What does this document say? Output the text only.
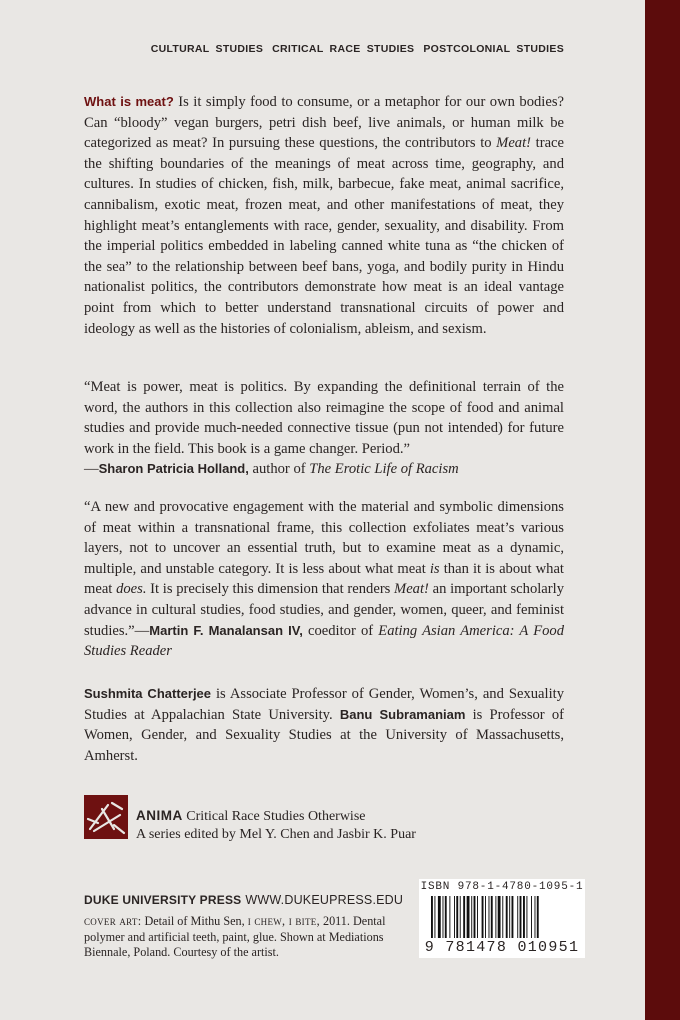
CULTURAL STUDIES CRITICAL RACE STUDIES POSTCOLONIAL STUDIES

What is meat? Is it simply food to consume, or a metaphor for our own bodies? Can “bloody” vegan burgers, petri dish beef, live animals, or human milk be categorized as meat? In pursuing these questions, the contributors to Meat! trace the shifting boundaries of the meanings of meat across time, geography, and cultures. In studies of chicken, fish, milk, barbecue, fake meat, animal sacrifice, cannibalism, exotic meat, frozen meat, and other manifestations of meat, they highlight meat’s entanglements with race, gender, sexuality, and disability. From the imperial politics embedded in labeling canned white tuna as “the chicken of the sea” to the relationship between beef bans, yoga, and bodily purity in Hindu nationalist politics, the contributors demonstrate how meat is an ideal vantage point from which to better understand transnational circuits of power and ideology as well as the histories of colonialism, ableism, and sexism.

“Meat is power, meat is politics. By expanding the definitional terrain of the word, the authors in this collection also reimagine the scope of food and animal studies and provide much-needed connective tissue (pun not intended) for future work in the field. This book is a game changer. Period.”
—Sharon Patricia Holland, author of The Erotic Life of Racism

“A new and provocative engagement with the material and symbolic dimensions of meat within a transnational frame, this collection exfoliates meat’s various layers, not to uncover an essential truth, but to examine meat as a dynamic, multiple, and unstable category. It is less about what meat is than it is about what meat does. It is precisely this dimension that renders Meat! an important scholarly advance in cultural studies, food studies, and gender, women, queer, and feminist studies.”—Martin F. Manalansan IV, coeditor of Eating Asian America: A Food Studies Reader

Sushmita Chatterjee is Associate Professor of Gender, Women’s, and Sexuality Studies at Appalachian State University. Banu Subramaniam is Professor of Women, Gender, and Sexuality Studies at the University of Massachusetts, Amherst.

ANIMA Critical Race Studies Otherwise
A series edited by Mel Y. Chen and Jasbir K. Puar
DUKE UNIVERSITY PRESS WWW.DUKEUPRESS.EDU
cover art: Detail of Mithu Sen, i chew, i bite, 2011. Dental polymer and artificial teeth, paint, glue. Shown at Mediations Biennale, Poland. Courtesy of the artist.
ISBN 978-1-4780-1095-1
9 781478 010951
